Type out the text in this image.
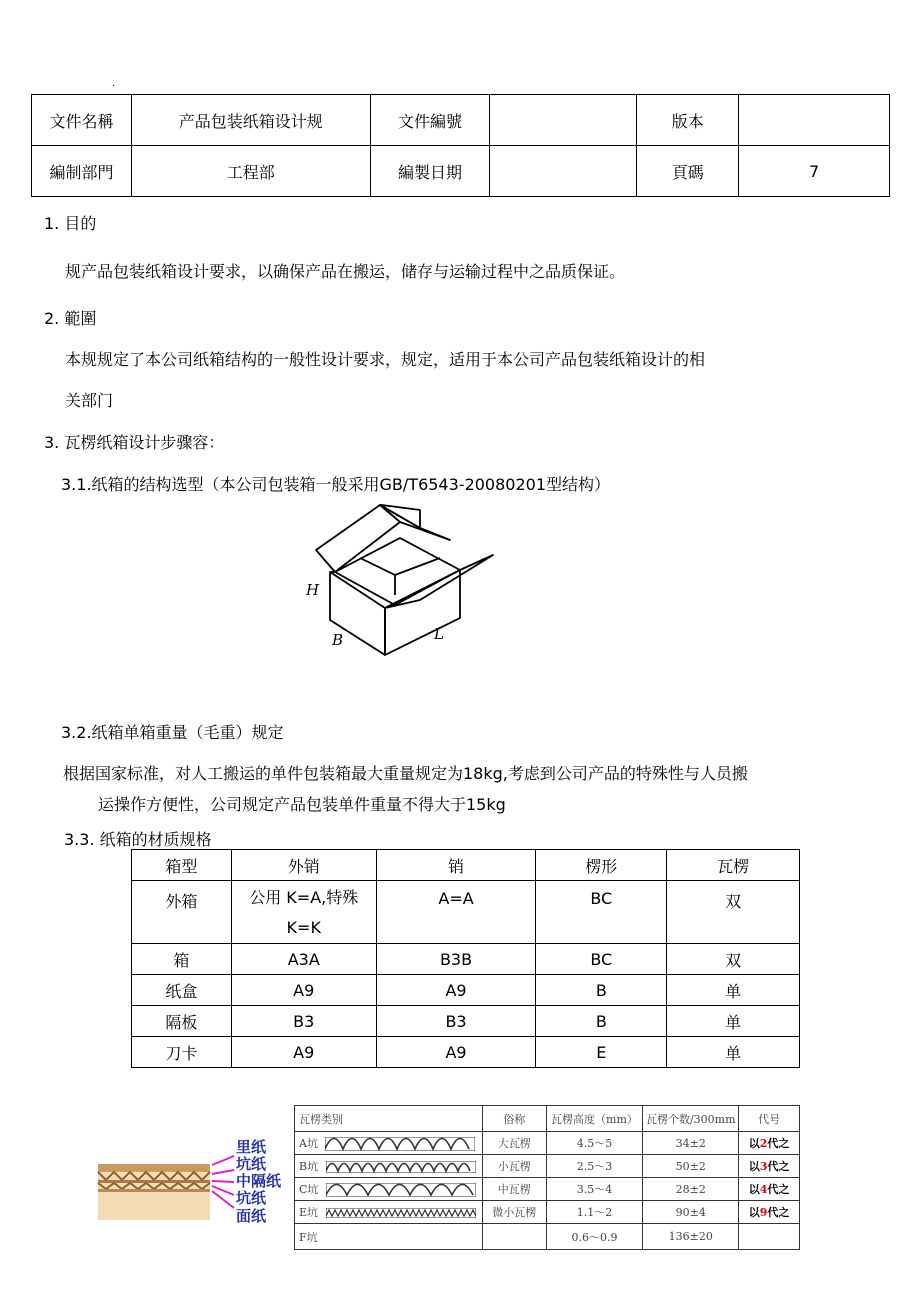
.
文件名稱	产品包装纸箱设计规	文件編號		版本	
編制部門	工程部	編製日期		頁碼	7
1. 目的
规产品包装纸箱设计要求，以确保产品在搬运，储存与运输过程中之品质保证。
2. 範圍
本规规定了本公司纸箱结构的一般性设计要求，规定，适用于本公司产品包装纸箱设计的相
关部门
3. 瓦楞纸箱设计步骤容：
3.1.纸箱的结构选型（本公司包装箱一般采用GB/T6543-20080201型结构）
H
B	L
3.2.纸箱单箱重量（毛重）规定
根据国家标准，对人工搬运的单件包装箱最大重量规定为18kg,考虑到公司产品的特殊性与人员搬
运操作方便性，公司规定产品包装单件重量不得大于15kg
3.3. 纸箱的材质规格
箱型	外销	销	楞形	瓦楞
外箱	公用 K=A,特殊
K=K	A=A	BC	双
箱	A3A	B3B	BC	双
纸盒	A9	A9	B	单
隔板	B3	B3	B	单
刀卡	A9	A9	E	单
里纸
坑纸
中隔纸
坑纸
面纸
瓦楞类别	俗称	瓦楞高度（mm）	瓦楞个数/300mm	代号
A坑	大瓦楞	4.5～5	34±2	以2代之
B坑	小瓦楞	2.5～3	50±2	以3代之
C坑	中瓦楞	3.5～4	28±2	以4代之
E坑	微小瓦楞	1.1～2	90±4	以9代之
F坑		0.6～0.9	136±20	
